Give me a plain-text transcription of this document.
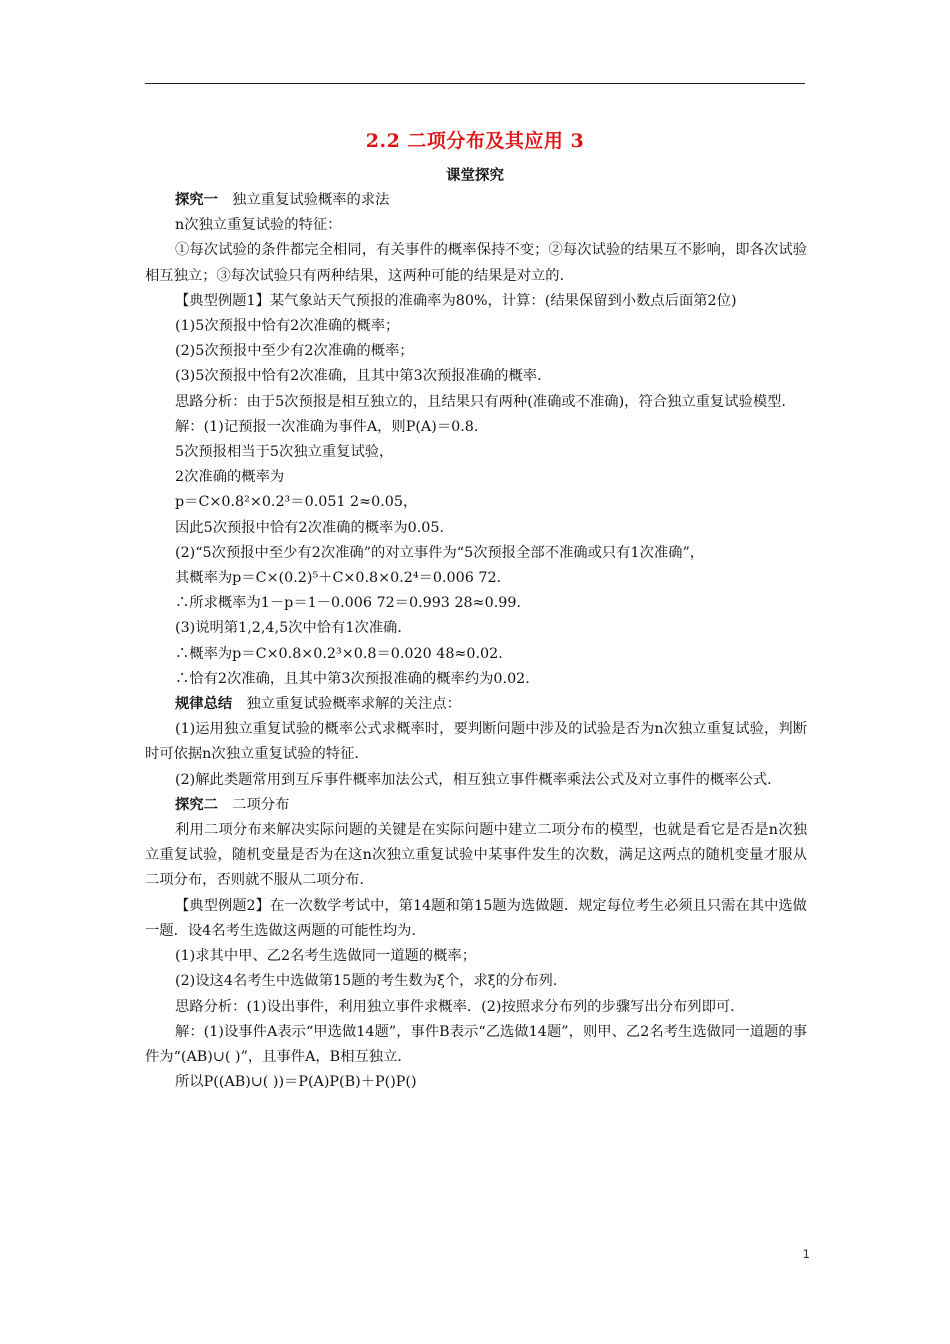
2.2 二项分布及其应用 3
课堂探究

探究一　独立重复试验概率的求法

n次独立重复试验的特征：

①每次试验的条件都完全相同，有关事件的概率保持不变；②每次试验的结果互不影响，即各次试验相互独立；③每次试验只有两种结果，这两种可能的结果是对立的．

【典型例题1】某气象站天气预报的准确率为80%，计算：(结果保留到小数点后面第2位)

(1)5次预报中恰有2次准确的概率；

(2)5次预报中至少有2次准确的概率；

(3)5次预报中恰有2次准确，且其中第3次预报准确的概率．

思路分析：由于5次预报是相互独立的，且结果只有两种(准确或不准确)，符合独立重复试验模型．

解：(1)记预报一次准确为事件A，则P(A)＝0.8.

5次预报相当于5次独立重复试验，

2次准确的概率为

p＝C×0.8²×0.2³＝0.051 2≈0.05，

因此5次预报中恰有2次准确的概率为0.05.

(2)“5次预报中至少有2次准确”的对立事件为“5次预报全部不准确或只有1次准确”，

其概率为p＝C×(0.2)⁵＋C×0.8×0.2⁴＝0.006 72.

∴所求概率为1－p＝1－0.006 72＝0.993 28≈0.99.

(3)说明第1,2,4,5次中恰有1次准确．

∴概率为p＝C×0.8×0.2³×0.8＝0.020 48≈0.02.

∴恰有2次准确，且其中第3次预报准确的概率约为0.02.

规律总结　独立重复试验概率求解的关注点：

(1)运用独立重复试验的概率公式求概率时，要判断问题中涉及的试验是否为n次独立重复试验，判断时可依据n次独立重复试验的特征．

(2)解此类题常用到互斥事件概率加法公式，相互独立事件概率乘法公式及对立事件的概率公式．

探究二　二项分布

利用二项分布来解决实际问题的关键是在实际问题中建立二项分布的模型，也就是看它是否是n次独立重复试验，随机变量是否为在这n次独立重复试验中某事件发生的次数，满足这两点的随机变量才服从二项分布，否则就不服从二项分布．

【典型例题2】在一次数学考试中，第14题和第15题为选做题．规定每位考生必须且只需在其中选做一题．设4名考生选做这两题的可能性均为.

(1)求其中甲、乙2名考生选做同一道题的概率；

(2)设这4名考生中选做第15题的考生数为ξ个，求ξ的分布列．

思路分析：(1)设出事件，利用独立事件求概率．(2)按照求分布列的步骤写出分布列即可．

解：(1)设事件A表示“甲选做14题”，事件B表示“乙选做14题”，则甲、乙2名考生选做同一道题的事件为“(AB)∪( )”，且事件A，B相互独立．

所以P((AB)∪( ))＝P(A)P(B)＋P()P()

1
